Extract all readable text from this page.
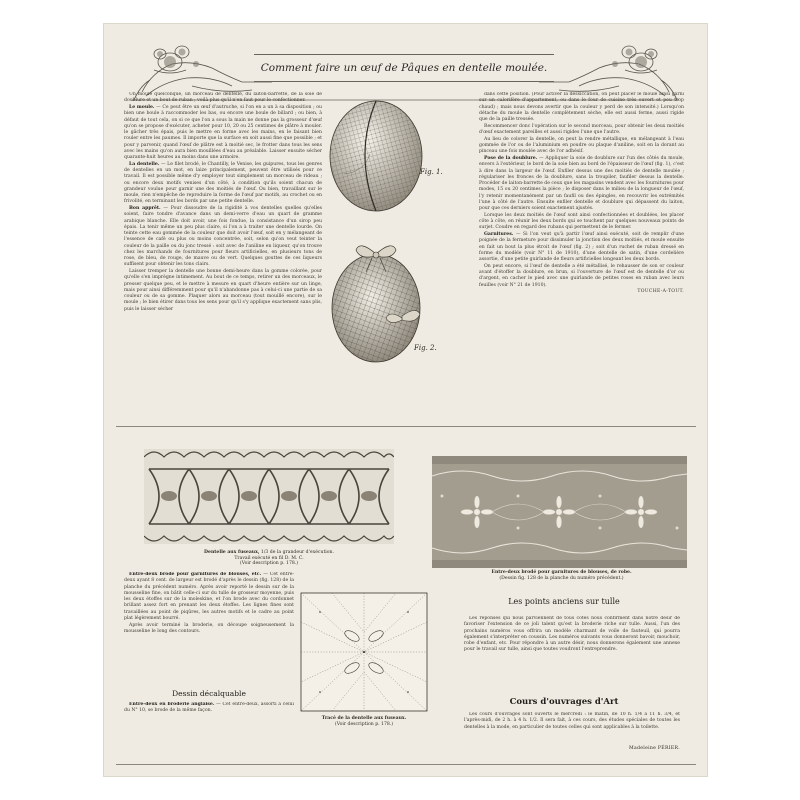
Comment faire un œuf de Pâques en dentelle moulée.

Un moule quelconque, un morceau de dentelle, du laiton-barrette, de la soie de doublure et un bout de ruban ; voilà plus qu'il n'en faut pour le confectionner.

Le moule. — Ce peut être un œuf d'autruche, si l'on en a un à sa disposition ; ou bien une boule à raccommoder les bas, ou encore une boule de billard ; ou bien, à défaut de tout cela, on si ce que l'on a sous la main ne donne pas la grosseur d'œuf qu'on se propose d'exécuter, acheter pour 10, 20 ou 25 centimes de plâtre à mouler. le gâcher très épais, puis le mettre en forme avec les mains, en le faisant bien rouler entre les paumes. Il importe que la surface en soit aussi fine que possible ; et pour y parvenir, quand l'œuf de plâtre est à moitié sec, le frotter dans tous les sens avec les mains qu'on aura bien mouillées d'eau au préalable. Laisser ensuite sécher quarante-huit heures au moins dans une armoire.

La dentelle. — Le filet brodé, le Chantilly, le Venise, les guipures, tous les genres de dentelles en un mot, en laize principalement, peuvent être utilisés pour ce travail. Il est possible même d'y employer tout simplement un morceau de rideau ; ou encore deux motifs venises d'un côté, à condition qu'ils soient chacun de grandeur voulue pour garnir une des moitiés de l'œuf. Ou bien, travaillant sur le moule, rien n'empêche de reproduire la forme de l'œuf par motifs, au crochet ou en frivolité, en terminant les bords par une petite dentelle.

Bon apprêt. — Pour dissoudre de la rigidité à vos dentelles quelles qu'elles soient, faire tondre d'avance dans un demi-verre d'eau un quart de gramme arabique blanche. Elle doit avoir, une fois fondue, la consistance d'un sirop peu épais. La tenir même un peu plus claire, si l'on a à traiter une dentelle lourde. On teinte cette eau gommée de la couleur que doit avoir l'œuf, soit en y mélangeant de l'essence de café ou plus ou moins concentrée, soit, selon qu'on veut teinter la couleur de la paille ou du jonc tressé : soit avec de l'aniline en liqueur, qu'on trouve chez les marchands de fournitures pour fleurs artificielles, en plusieurs tons de rose, de bleu, de rouge, de mauve ou de vert. Quelques gouttes de ces liqueurs suffisent pour obtenir les tons clairs.

Laisser tremper la dentelle une bonne demi-heure dans la gomme colorée, pour qu'elle s'en imprègne intimement. Au bout de ce temps, retirer un des morceaux, le presser quelque peu, et le mettre à mesure en quart d'heure entière sur un linge, mais pour ainsi différemment pour qu'il n'abandonne pas à celui-ci une partie de sa couleur ou de sa gomme. Plaquer alors au morceau (tout mouillé encore), sur le moule ; le bien étirer dans tous les sens pour qu'il s'y applique exactement sans plis, puis le laisser sécher

Fig. 1.
Fig. 2.

dans cette position. (Pour activer la dessiccation, on peut placer le moule ainsi garni sur un calorifère d'appartement, ou dans le four de cuisine très ouvert et peu trop chaud) ; mais nous devons avertir que la couleur y perd de son intensité.) Lorsqu'on détache du moule la dentelle complètement sèche, elle est aussi ferme, aussi rigide que de la paille tressée.

Recommencer donc l'opération sur le second morceau, pour obtenir les deux moitiés d'œuf exactement pareilles et aussi rigides l'une que l'autre.

Au lieu de colorer la dentelle, on peut la rendre métallique, en mélangeant à l'eau gommée de l'or ou de l'aluminium en poudre ou plaque d'aniline, soit en la dorant au pinceau une fois moulée avec de l'or adhésif.

Pose de la doublure. — Appliquer la soie de doublure sur l'un des côtés du moule, envers à l'extérieur, le bord de la soie bien au bord de l'épaisseur de l'œuf (fig. 1), c'est à dire dans la largeur de l'œuf. Enfiler dessus une des moitiés de dentelle moulée ; régulariser les fronces de la doublure, sans la troupiler, faufiler dessus la dentelle. Procéder de laiton-barrette de ceux que les magasins vendent avec les fournitures pour modes, 15 ou 20 centimes la pièce ; le disposer dans le milieu de la longueur de l'œuf, l'y retenir momentanément par un faufil ou des épingles, en recouvrir les extrémités l'une à côté de l'autre. Ensuite enfiler dentelle et doublure qui dépassent du laiton, pour que ces derniers soient exactement ajustés.

Lorsque les deux moitiés de l'œuf sont ainsi confectionnées et doublées, les placer côte à côte, en réunir les deux bords qui se touchent par quelques nouveaux points de surjet. Coudre en regard des rubans qui permettent de le fermer.

Garnitures. — Si l'on veut qu'à partir l'œuf ainsi exécuté, soit de remplir d'une poignée de la fermeture pour dissimuler la jonction des deux moitiés, et moule ensuite en fait un bout la plus étroit de l'œuf (fig. 2) ; soit d'un ruchet de ruban dressé en forme du modèle (voir N° 11 de 1910), d'une dentelle de satin, d'une cordelière assortie, d'une petite guirlande de fleurs artificielles longeant les deux bords.

On peut encore, si l'œuf de dentelle a été métallisé, le rehausser de son or couleur avant d'étoffer la doublure, en brun, si l'ouverture de l'œuf est de dentelle d'or ou d'argent, en cacher le pied avec une guirlande de petites roses en ruban avec leurs feuilles (voir N° 21 de 1910).

TOUCHE-A-TOUT.
Dentelle aux fuseaux, 1/3 de la grandeur d'exécution.
Travail exécuté en fil D. M. C.
(Voir description p. 178.)
Entre-deux brodé pour garnitures de blouses, de robe.
(Dessin fig. 128 de la planche du numéro précédent.)

Entre-deux brodé pour garnitures de blouses, etc. — Cet entre-deux ayant 8 cent. de largeur est brodé d'après le dessin (fig. 128) de la planche du précédent numéro. Après avoir reporté le dessin sur de la mousseline fine, on bâtit celle-ci sur du tulle de grosseur moyenne, puis les deux étoffes sur de la moleskine, et l'on brode avec du cordonnet brillant assez fort en prenant les deux étoffes. Les lignes fines sont travaillées au point de piqûres, les autres motifs et le cadre au point plat légèrement bourré.

Après avoir terminé la broderie, on découpe soigneusement la mousseline le long des contours.

Dessin décalquable

Entre-deux en broderie anglaise. — Cet entre-deux, assorti à celui du N° 10, se brode de la même façon.

Tracé de la dentelle aux fuseaux.
(Voir description p. 178.)
Les points anciens sur tulle

Les réponses qui nous parviennent de tous côtés nous confirment dans notre désir de favoriser l'extension de ce joli talent qu'est la broderie riche sur tulle. Aussi, l'un des prochains numéros vous offrira un modèle charmant de voile de fauteuil, qui pourra également s'interpréter en coussin. Les numéros suivants vous donneront bavoir, mouchoir, robe d'enfant, etc. Pour répondre à un autre désir, nous donnerons également une annexe pour le travail sur tulle, ainsi que toutes voudront l'entreprendre.

Cours d'ouvrages d'Art

Les cours d'ouvrages sont ouverts le mercredi : le matin, de 10 h. 1/4 à 11 h. 3/4, et l'après-midi, de 2 h. à 4 h. 1/2. Il sera fait, à ces cours, des études spéciales de toutes les dentelles à la mode, en particulier de toutes celles qui sont applicables à la toilette.

Madeleine PÉRIER.
